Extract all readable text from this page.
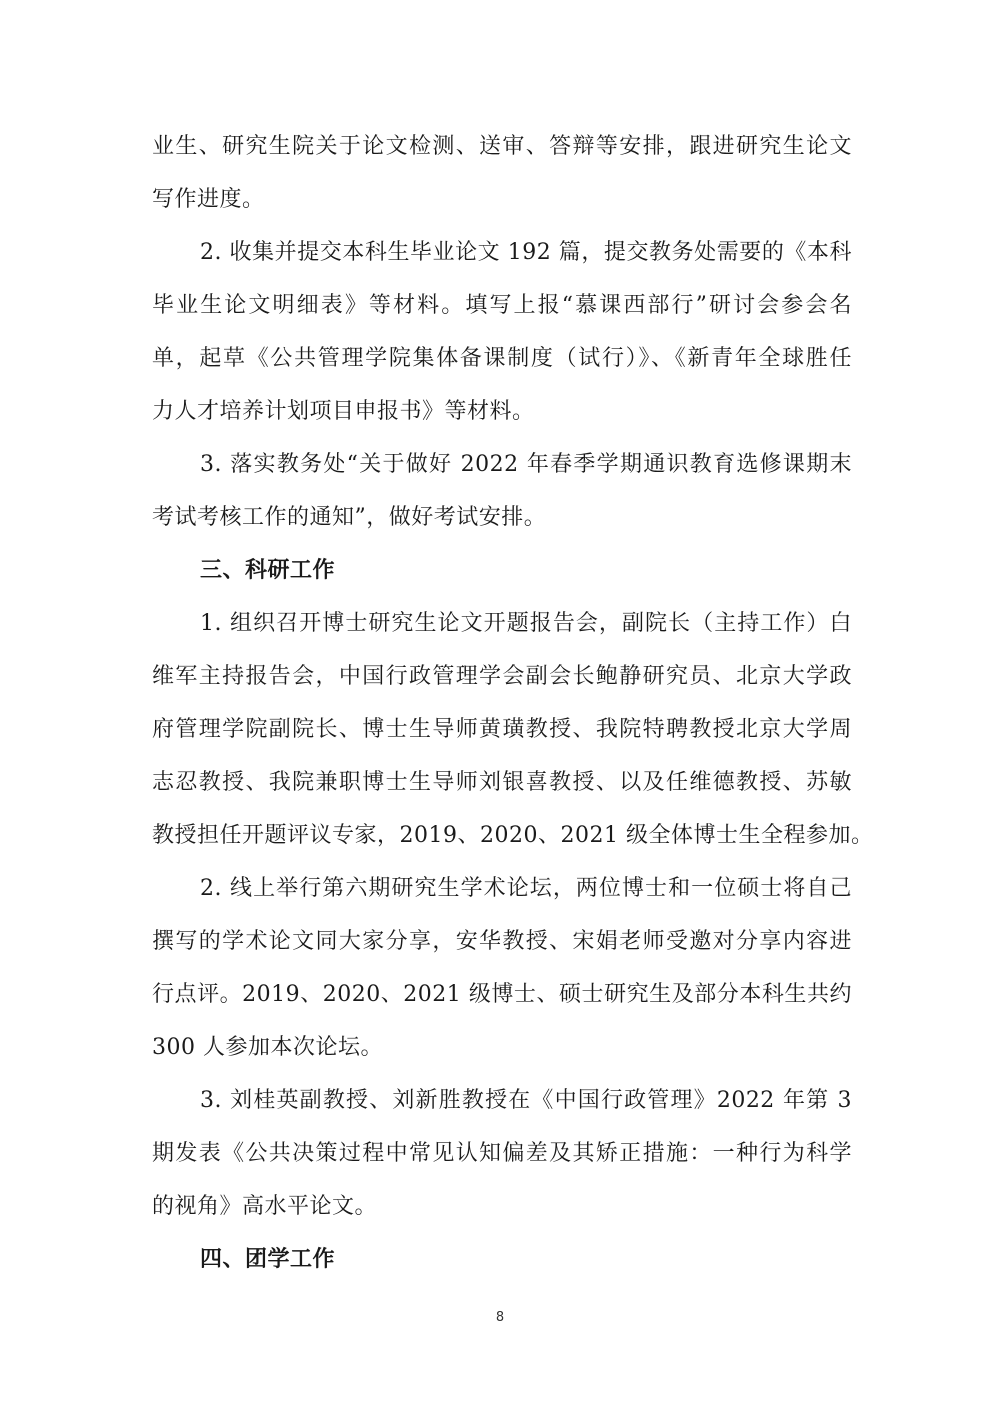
业生、研究生院关于论文检测、送审、答辩等安排，跟进研究生论文
写作进度。
2. 收集并提交本科生毕业论文 192 篇，提交教务处需要的《本科
毕业生论文明细表》等材料。填写上报“慕课西部行”研讨会参会名
单，起草《公共管理学院集体备课制度（试行）》、《新青年全球胜任
力人才培养计划项目申报书》等材料。
3. 落实教务处“关于做好 2022 年春季学期通识教育选修课期末
考试考核工作的通知”，做好考试安排。
三、科研工作
1. 组织召开博士研究生论文开题报告会，副院长（主持工作）白
维军主持报告会，中国行政管理学会副会长鲍静研究员、北京大学政
府管理学院副院长、博士生导师黄璜教授、我院特聘教授北京大学周
志忍教授、我院兼职博士生导师刘银喜教授、以及任维德教授、苏敏
教授担任开题评议专家，2019、2020、2021 级全体博士生全程参加。
2. 线上举行第六期研究生学术论坛，两位博士和一位硕士将自己
撰写的学术论文同大家分享，安华教授、宋娟老师受邀对分享内容进
行点评。2019、2020、2021 级博士、硕士研究生及部分本科生共约
300 人参加本次论坛。
3. 刘桂英副教授、刘新胜教授在《中国行政管理》2022 年第 3
期发表《公共决策过程中常见认知偏差及其矫正措施：一种行为科学
的视角》高水平论文。
四、团学工作
8
